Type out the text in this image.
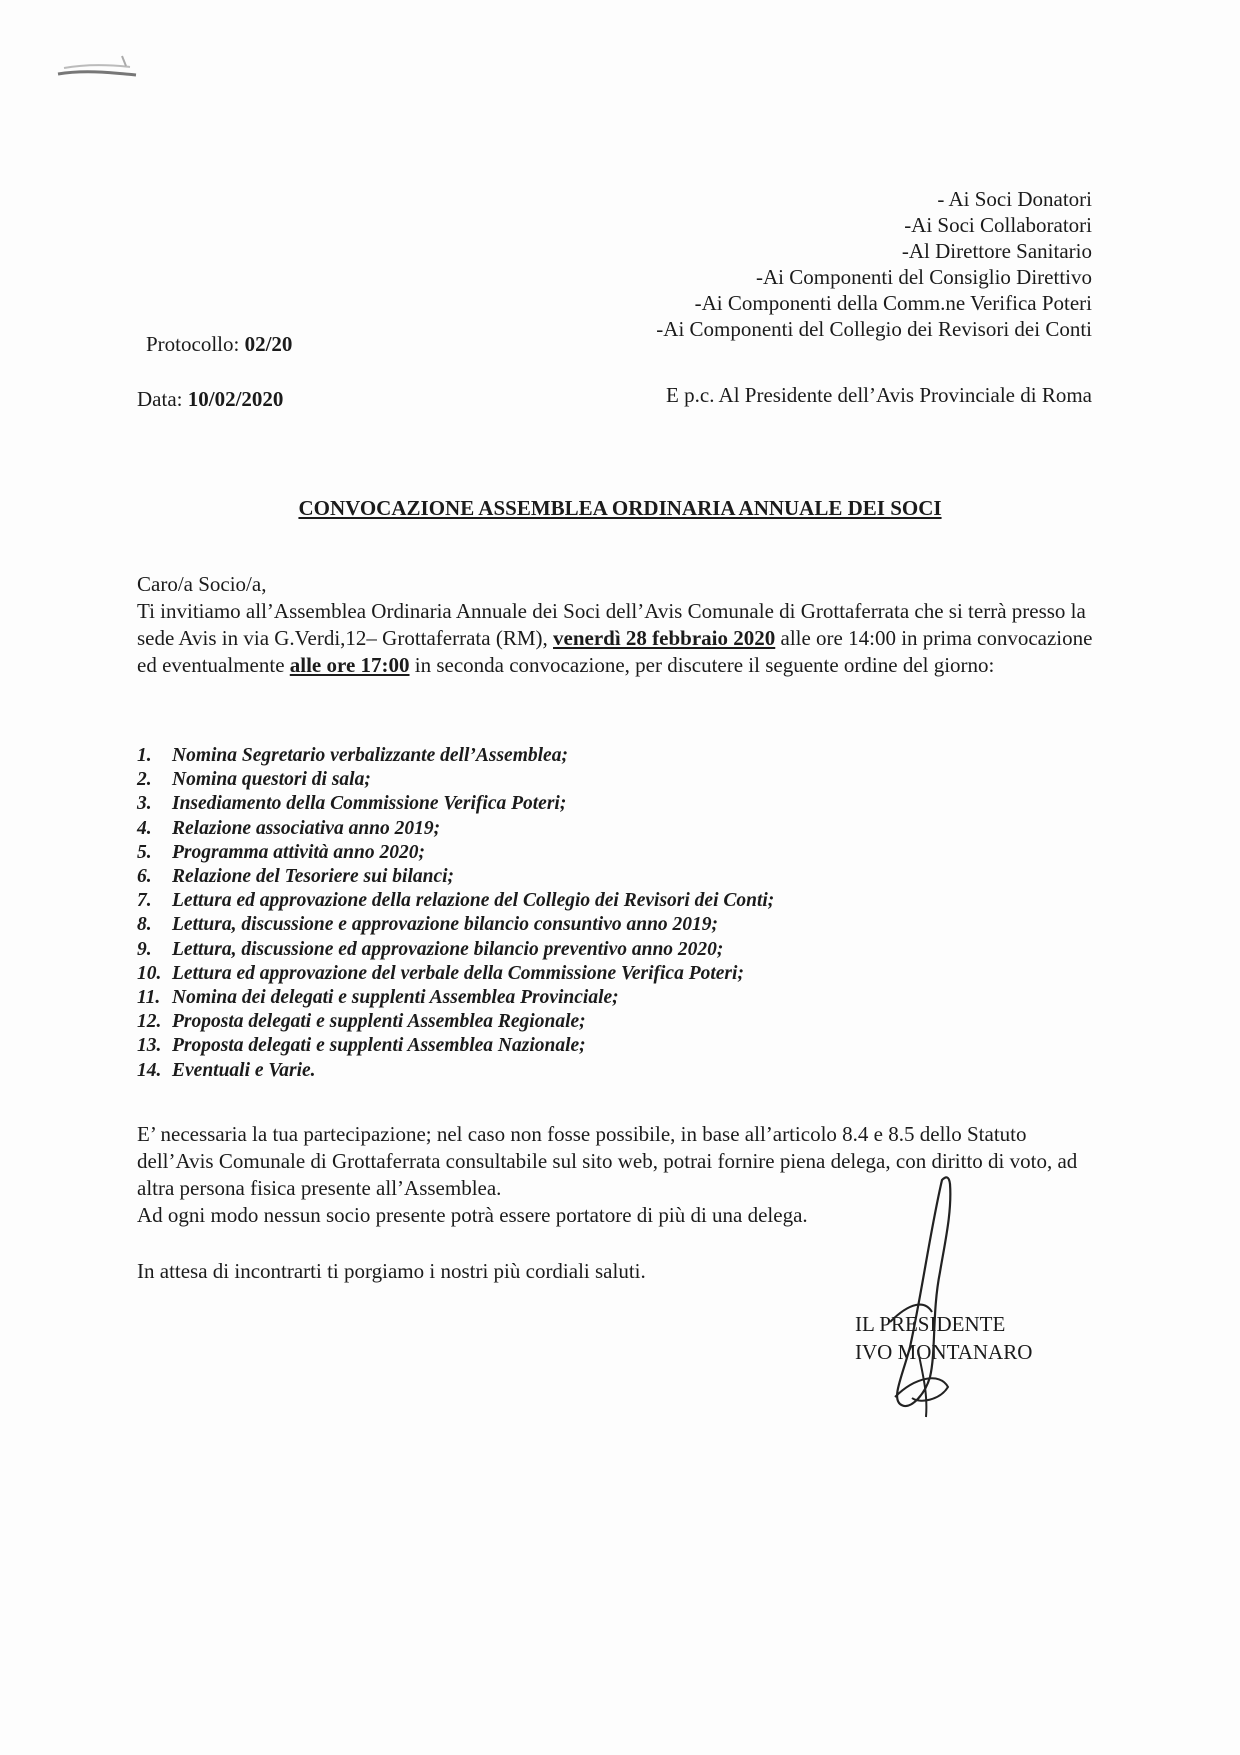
- Ai Soci Donatori
-Ai Soci Collaboratori
-Al Direttore Sanitario
-Ai Componenti del Consiglio Direttivo
-Ai Componenti della Comm.ne Verifica Poteri
-Ai Componenti del Collegio dei Revisori dei Conti
Protocollo: 02/20
Data: 10/02/2020	E p.c. Al Presidente dell’Avis Provinciale di Roma
CONVOCAZIONE ASSEMBLEA ORDINARIA ANNUALE DEI SOCI

Caro/a Socio/a,

Ti invitiamo all’Assemblea Ordinaria Annuale dei Soci dell’Avis Comunale di Grottaferrata che si terrà presso la sede Avis in via G.Verdi,12– Grottaferrata (RM), venerdì 28 febbraio 2020 alle ore 14:00 in prima convocazione ed eventualmente alle ore 17:00 in seconda convocazione, per discutere il seguente ordine del giorno:

1.	Nomina Segretario verbalizzante dell’Assemblea;
2.	Nomina questori di sala;
3.	Insediamento della Commissione Verifica Poteri;
4.	Relazione associativa anno 2019;
5.	Programma attività anno 2020;
6.	Relazione del Tesoriere sui bilanci;
7.	Lettura ed approvazione della relazione del Collegio dei Revisori dei Conti;
8.	Lettura, discussione e approvazione bilancio consuntivo anno 2019;
9.	Lettura, discussione ed approvazione bilancio preventivo anno 2020;
10. Lettura ed approvazione del verbale della Commissione Verifica Poteri;
11. Nomina dei delegati e supplenti Assemblea Provinciale;
12. Proposta delegati e supplenti Assemblea Regionale;
13. Proposta delegati e supplenti Assemblea Nazionale;
14. Eventuali e Varie.

E’ necessaria la tua partecipazione; nel caso non fosse possibile, in base all’articolo 8.4 e 8.5 dello Statuto dell’Avis Comunale di Grottaferrata consultabile sul sito web, potrai fornire piena delega, con diritto di voto, ad altra persona fisica presente all’Assemblea.

Ad ogni modo nessun socio presente potrà essere portatore di più di una delega.

In attesa di incontrarti ti porgiamo i nostri più cordiali saluti.
IL PRESIDENTE
IVO MONTANARO
